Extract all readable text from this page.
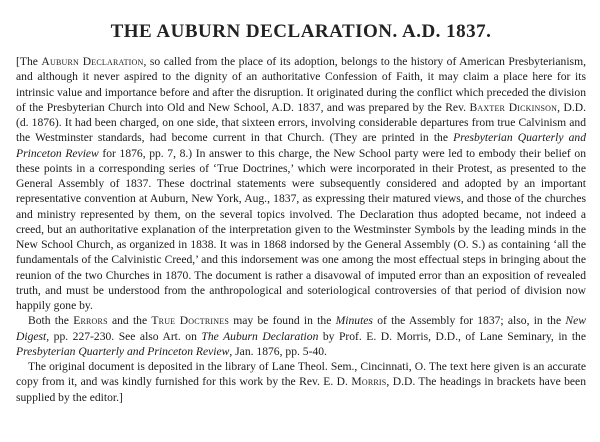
THE AUBURN DECLARATION. A.D. 1837.

[The Auburn Declaration, so called from the place of its adoption, belongs to the history of American Presbyterianism, and although it never aspired to the dignity of an authoritative Confession of Faith, it may claim a place here for its intrinsic value and importance before and after the disruption. It originated during the conflict which preceded the division of the Presbyterian Church into Old and New School, A.D. 1837, and was prepared by the Rev. Baxter Dickinson, D.D. (d. 1876). It had been charged, on one side, that sixteen errors, involving considerable departures from true Calvinism and the Westminster standards, had become current in that Church. (They are printed in the Presbyterian Quarterly and Princeton Review for 1876, pp. 7, 8.) In answer to this charge, the New School party were led to embody their belief on these points in a corresponding series of ‘True Doctrines,’ which were incorporated in their Protest, as presented to the General Assembly of 1837. These doctrinal statements were subsequently considered and adopted by an important representative convention at Auburn, New York, Aug., 1837, as expressing their matured views, and those of the churches and ministry represented by them, on the several topics involved. The Declaration thus adopted became, not indeed a creed, but an authoritative explanation of the interpretation given to the Westminster Symbols by the leading minds in the New School Church, as organized in 1838. It was in 1868 indorsed by the General Assembly (O. S.) as containing ‘all the fundamentals of the Calvinistic Creed,’ and this indorsement was one among the most effectual steps in bringing about the reunion of the two Churches in 1870. The document is rather a disavowal of imputed error than an exposition of revealed truth, and must be understood from the anthropological and soteriological controversies of that period of division now happily gone by.

Both the Errors and the True Doctrines may be found in the Minutes of the Assembly for 1837; also, in the New Digest, pp. 227-230. See also Art. on The Auburn Declaration by Prof. E. D. Morris, D.D., of Lane Seminary, in the Presbyterian Quarterly and Princeton Review, Jan. 1876, pp. 5-40.

The original document is deposited in the library of Lane Theol. Sem., Cincinnati, O. The text here given is an accurate copy from it, and was kindly furnished for this work by the Rev. E. D. Morris, D.D. The headings in brackets have been supplied by the editor.]
